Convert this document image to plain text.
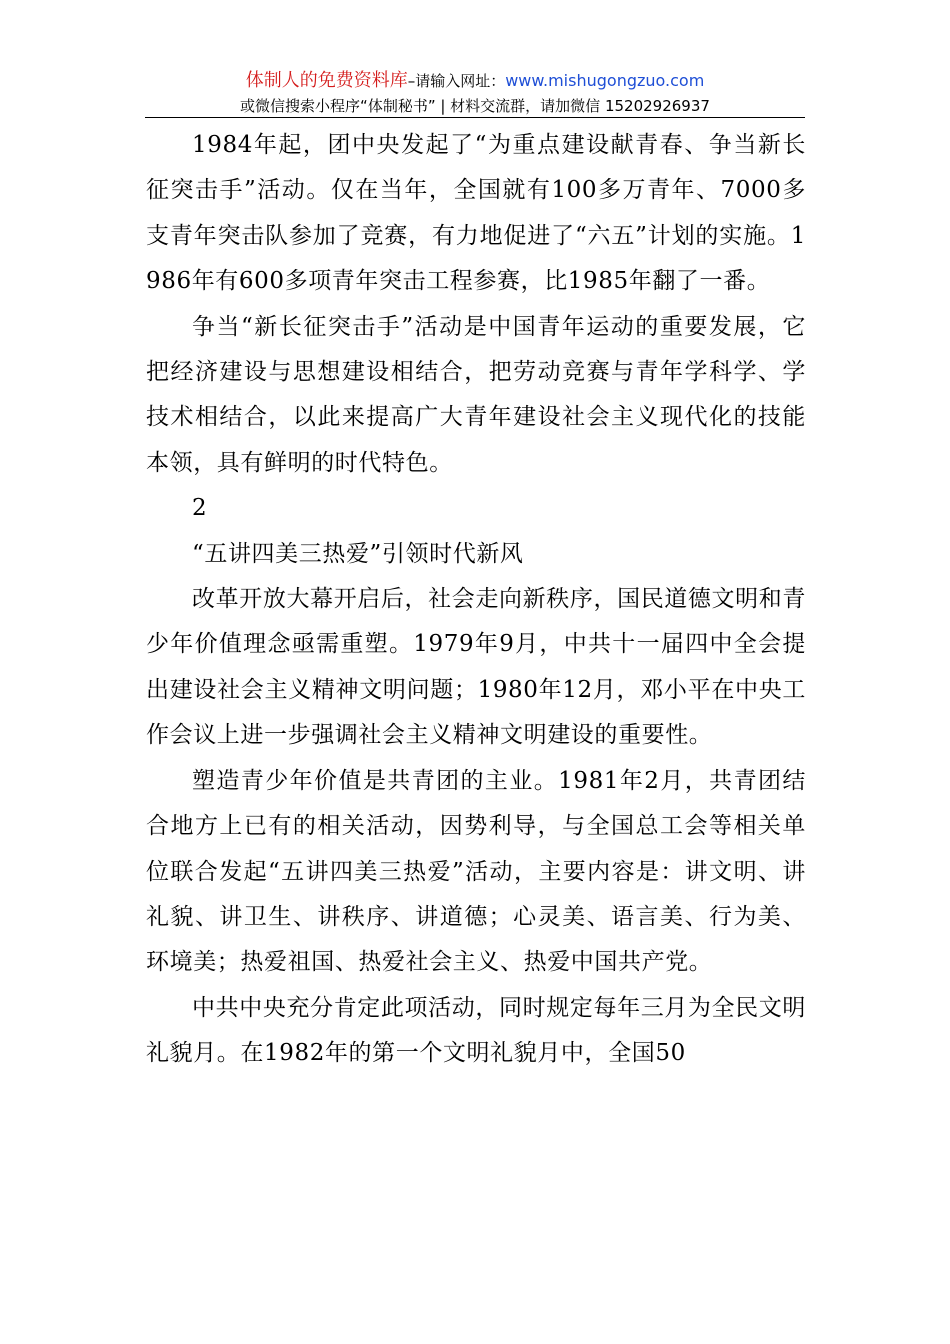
体制人的免费资料库–请输入网址：www.mishugongzuo.com
或微信搜索小程序“体制秘书” | 材料交流群，请加微信 15202926937

1984年起，团中央发起了“为重点建设献青春、争当新长征突击手”活动。仅在当年，全国就有100多万青年、7000多支青年突击队参加了竞赛，有力地促进了“六五”计划的实施。1986年有600多项青年突击工程参赛，比1985年翻了一番。

争当“新长征突击手”活动是中国青年运动的重要发展，它把经济建设与思想建设相结合，把劳动竞赛与青年学科学、学技术相结合，以此来提高广大青年建设社会主义现代化的技能本领，具有鲜明的时代特色。

2

“五讲四美三热爱”引领时代新风

改革开放大幕开启后，社会走向新秩序，国民道德文明和青少年价值理念亟需重塑。1979年9月，中共十一届四中全会提出建设社会主义精神文明问题；1980年12月，邓小平在中央工作会议上进一步强调社会主义精神文明建设的重要性。

塑造青少年价值是共青团的主业。1981年2月，共青团结合地方上已有的相关活动，因势利导，与全国总工会等相关单位联合发起“五讲四美三热爱”活动，主要内容是：讲文明、讲礼貌、讲卫生、讲秩序、讲道德；心灵美、语言美、行为美、环境美；热爱祖国、热爱社会主义、热爱中国共产党。

中共中央充分肯定此项活动，同时规定每年三月为全民文明礼貌月。在1982年的第一个文明礼貌月中，全国50
